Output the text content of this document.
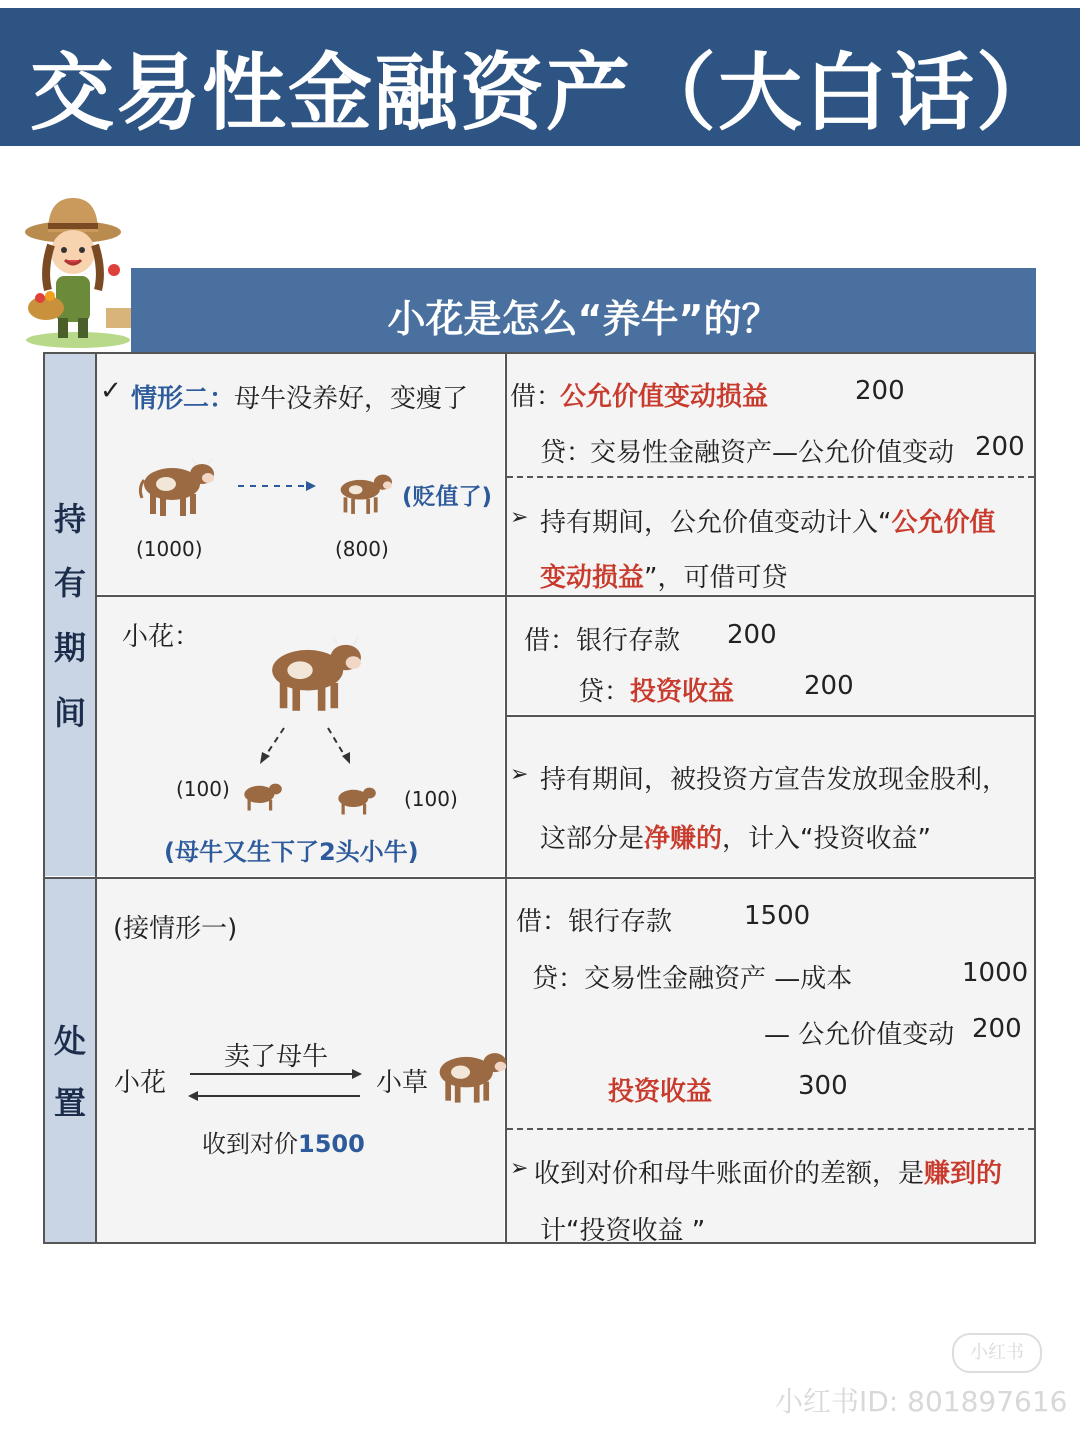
交易性金融资产（大白话）
小花是怎么“养牛”的？
持
有
期
间
处
置
✓ 情形二：
母牛没养好，变瘦了
(1000)	(800)
(贬值了)
借：
公允价值变动损益	200
贷：
交易性金融资产—公允价值变动 200
➢ 持有期间，公允价值变动计入“公允价值
变动损益”，可借可贷
小花：
(100)	(100)
(母牛又生下了2头小牛)
借： 银行存款 200
贷： 投资收益	200
➢ 持有期间，被投资方宣告发放现金股利，
这部分是净赚的，计入“投资收益”
(接情形一)
卖了母牛
小花	小草
收到对价1500
借： 银行存款	1500
贷： 交易性金融资产 —成本	1000
— 公允价值变动 200
投资收益	300
➢ 收到对价和母牛账面价的差额，是赚到的
计“投资收益 ”
小红书
小红书ID: 801897616
